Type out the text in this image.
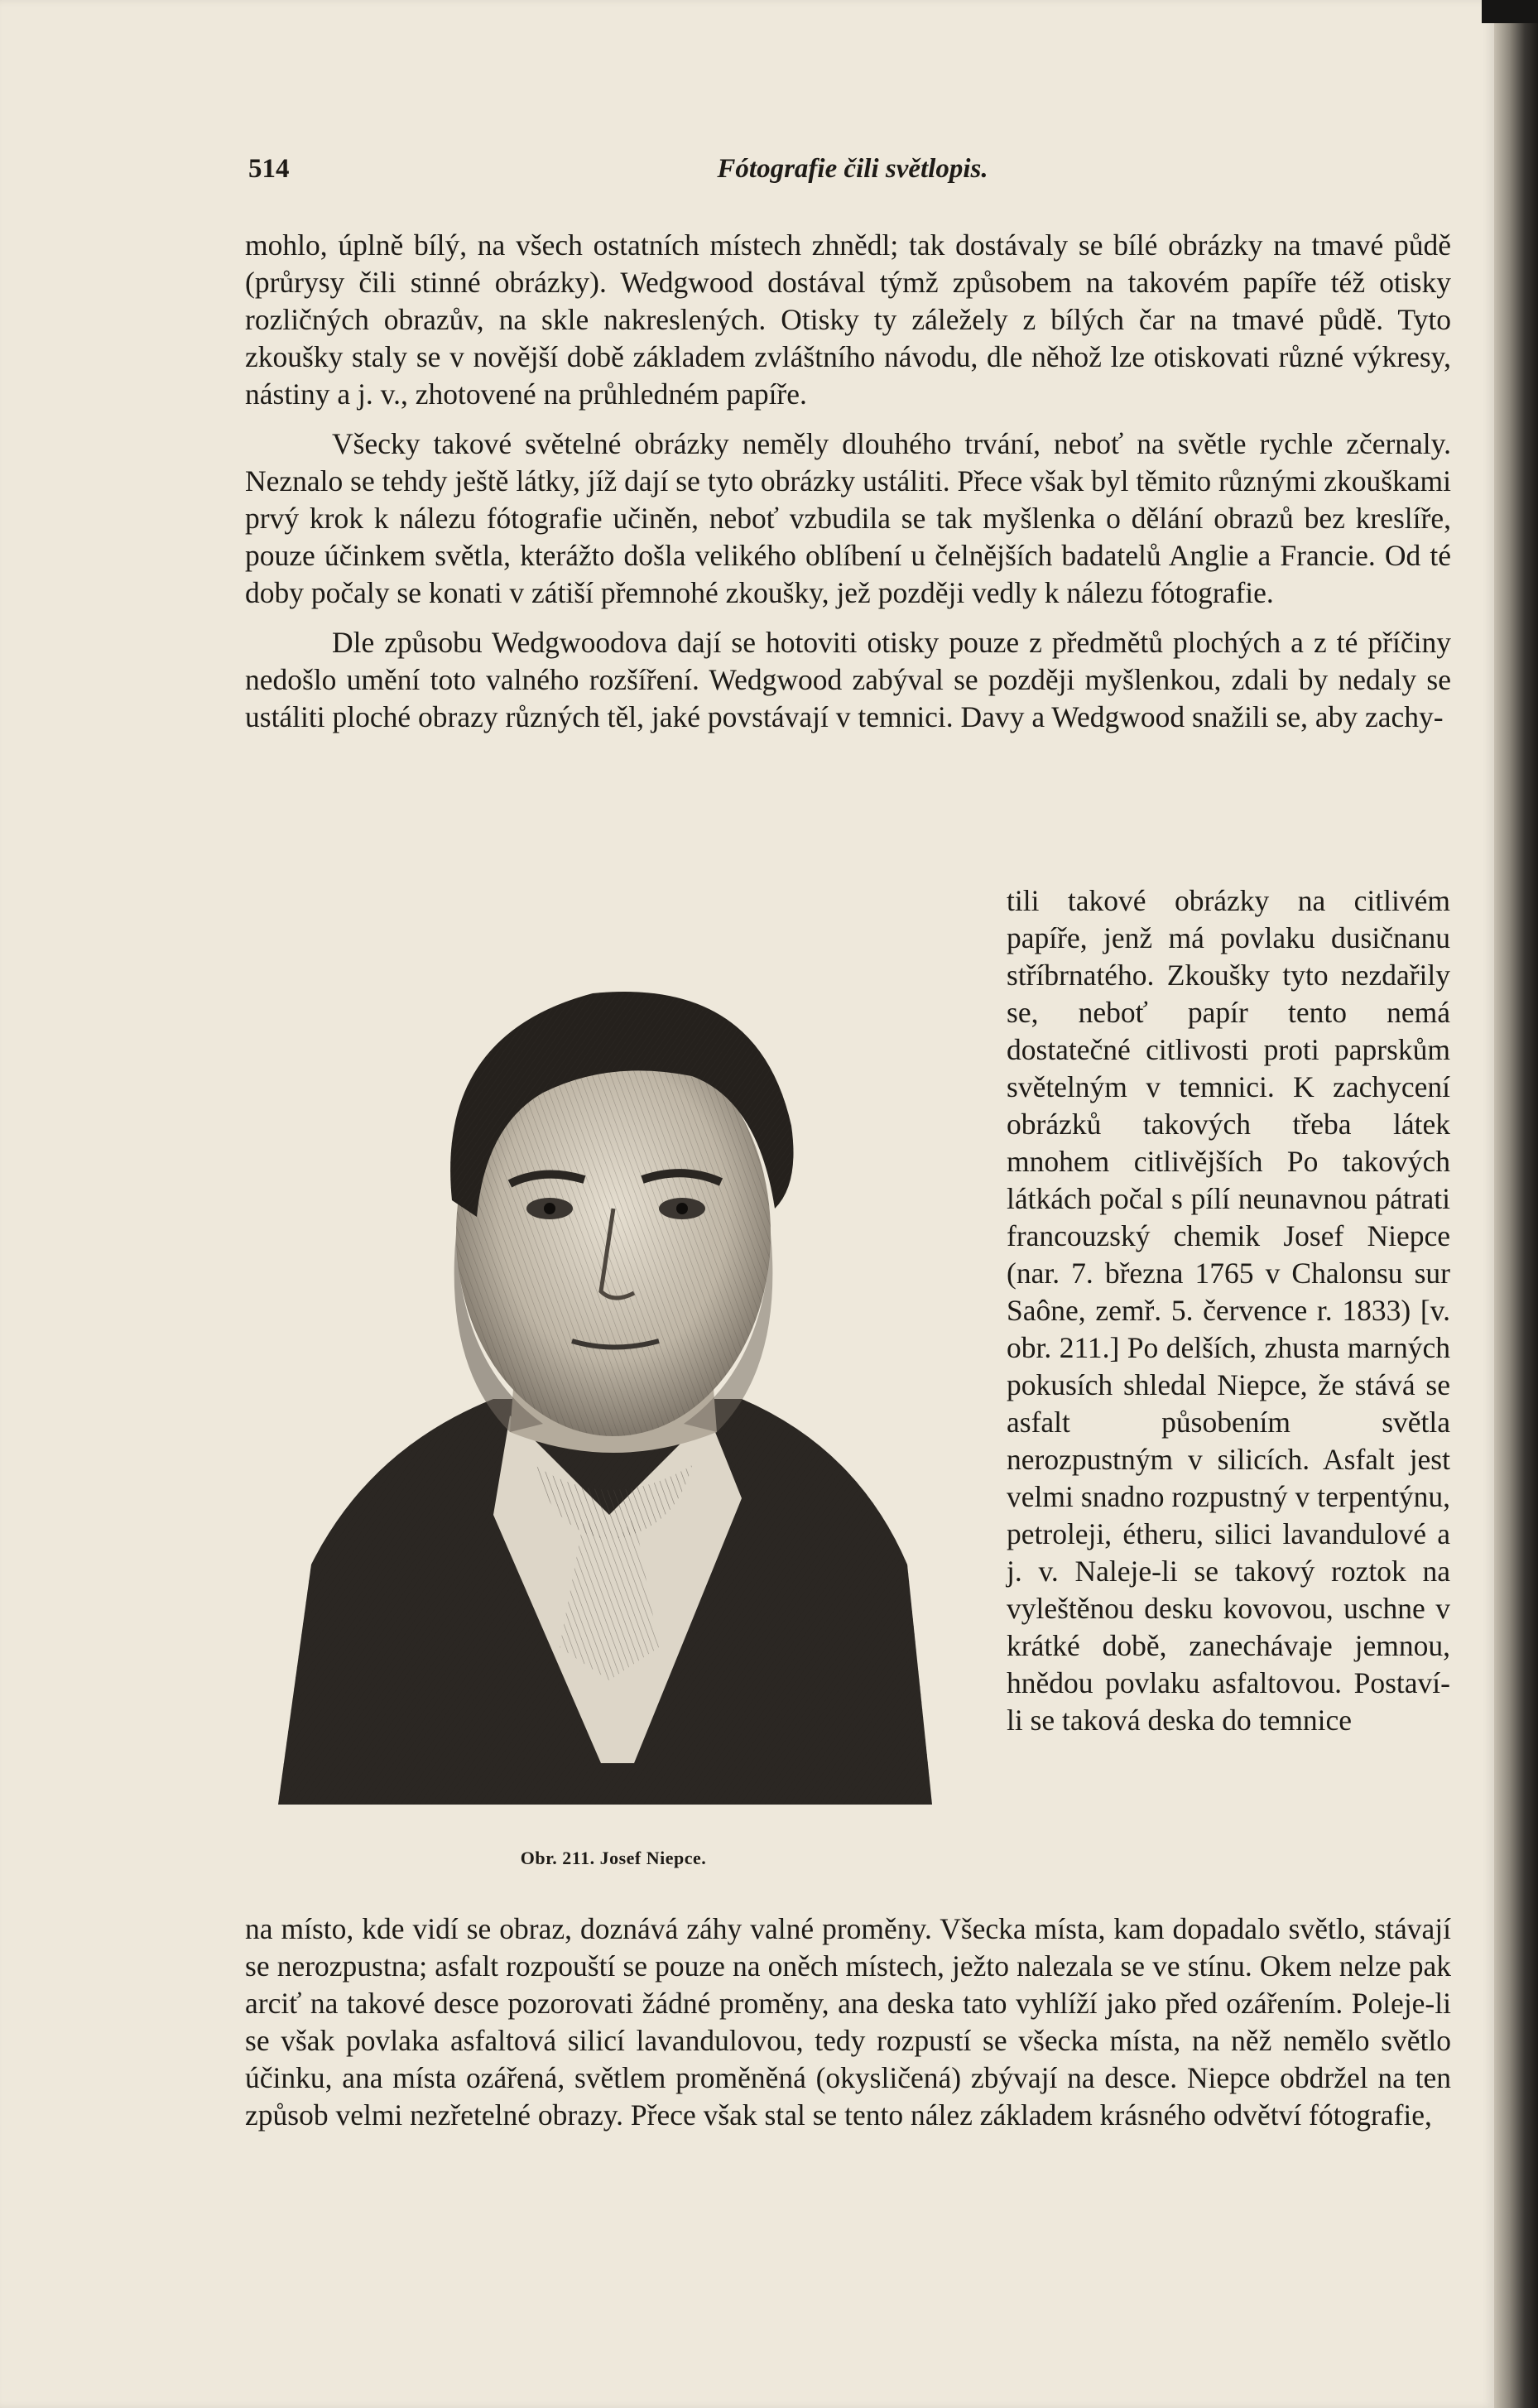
514	Fótografie čili světlopis.

mohlo, úplně bílý, na všech ostatních místech zhnědl; tak dostávaly se bílé obrázky na tmavé půdě (průrysy čili stinné obrázky). Wedgwood dostával týmž způsobem na takovém papíře též otisky rozličných obrazův, na skle nakreslených. Otisky ty záležely z bílých čar na tmavé půdě. Tyto zkoušky staly se v novější době základem zvláštního návodu, dle něhož lze otiskovati různé výkresy, nástiny a j. v., zhotovené na průhledném papíře.

Všecky takové světelné obrázky neměly dlouhého trvání, neboť na světle rychle zčernaly. Neznalo se tehdy ještě látky, jíž dají se tyto obrázky ustáliti. Přece však byl těmito různými zkouškami prvý krok k nálezu fótografie učiněn, neboť vzbudila se tak myšlenka o dělání obrazů bez kreslíře, pouze účinkem světla, kterážto došla velikého oblíbení u čelnějších badatelů Anglie a Francie. Od té doby počaly se konati v zátiší přemnohé zkoušky, jež později vedly k nálezu fótografie.

Dle způsobu Wedgwoodova dají se hotoviti otisky pouze z předmětů plochých a z té příčiny nedošlo umění toto valného rozšíření. Wedgwood zabýval se později myšlenkou, zdali by nedaly se ustáliti ploché obrazy různých těl, jaké povstávají v temnici. Davy a Wedgwood snažili se, aby zachy-

Obr. 211. Josef Niepce.

tili takové obrázky na citlivém papíře, jenž má povlaku dusičnanu stříbrnatého. Zkoušky tyto nezdařily se, neboť papír tento nemá dostatečné citlivosti proti paprskům světelným v temnici. K zachycení obrázků takových třeba látek mnohem citlivějších Po takových látkách počal s pílí neunavnou pátrati francouzský chemik Josef Niepce (nar. 7. března 1765 v Chalonsu sur Saône, zemř. 5. července r. 1833) [v. obr. 211.] Po delších, zhusta marných pokusích shledal Niepce, že stává se asfalt působením světla nerozpustným v silicích. Asfalt jest velmi snadno rozpustný v terpentýnu, petroleji, étheru, silici lavandulové a j. v. Naleje-li se takový roztok na vyleštěnou desku kovovou, uschne v krátké době, zanechávaje jemnou, hnědou povlaku asfaltovou. Postaví-li se taková deska do temnice

na místo, kde vidí se obraz, doznává záhy valné proměny. Všecka místa, kam dopadalo světlo, stávají se nerozpustna; asfalt rozpouští se pouze na oněch místech, ježto nalezala se ve stínu. Okem nelze pak arciť na takové desce pozorovati žádné proměny, ana deska tato vyhlíží jako před ozářením. Poleje-li se však povlaka asfaltová silicí lavandulovou, tedy rozpustí se všecka místa, na něž nemělo světlo účinku, ana místa ozářená, světlem proměněná (okysličená) zbývají na desce. Niepce obdržel na ten způsob velmi nezřetelné obrazy. Přece však stal se tento nález základem krásného odvětví fótografie,
